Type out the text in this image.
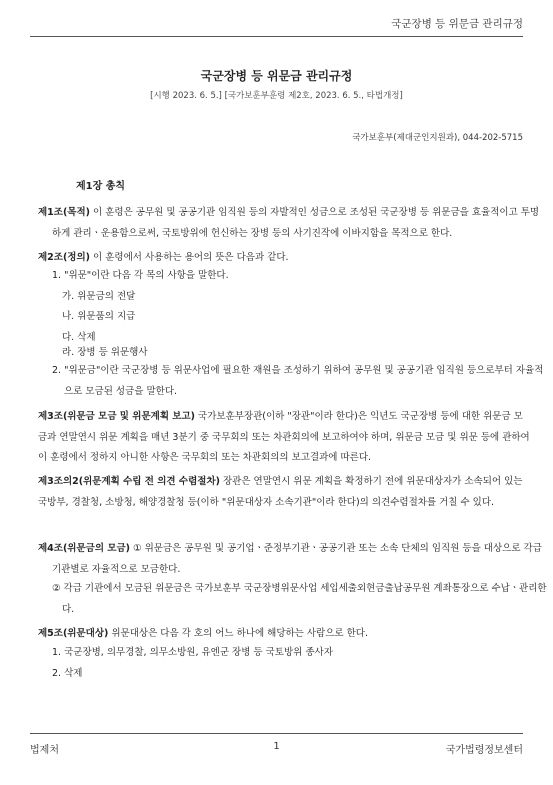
국군장병 등 위문금 관리규정
국군장병 등 위문금 관리규정
[시행 2023. 6. 5.] [국가보훈부훈령 제2호, 2023. 6. 5., 타법개정]
국가보훈부(제대군인지원과), 044-202-5715
제1장 총칙
제1조(목적) 이 훈령은 공무원 및 공공기관 임직원 등의 자발적인 성금으로 조성된 국군장병 등 위문금을 효율적이고 투명하게 관리ㆍ운용함으로써, 국토방위에 헌신하는 장병 등의 사기진작에 이바지함을 목적으로 한다.
제2조(정의) 이 훈령에서 사용하는 용어의 뜻은 다음과 같다.
1. "위문"이란 다음 각 목의 사항을 말한다.
가. 위문금의 전달
나. 위문품의 지급
다. 삭제
라. 장병 등 위문행사
2. "위문금"이란 국군장병 등 위문사업에 필요한 재원을 조성하기 위하여 공무원 및 공공기관 임직원 등으로부터 자율적으로 모금된 성금을 말한다.
제3조(위문금 모금 및 위문계획 보고) 국가보훈부장관(이하 "장관"이라 한다)은 익년도 국군장병 등에 대한 위문금 모금과 연말연시 위문 계획을 매년 3분기 중 국무회의 또는 차관회의에 보고하여야 하며, 위문금 모금 및 위문 등에 관하여 이 훈령에서 정하지 아니한 사항은 국무회의 또는 차관회의의 보고결과에 따른다.
제3조의2(위문계획 수립 전 의견 수렴절차) 장관은 연말연시 위문 계획을 확정하기 전에 위문대상자가 소속되어 있는 국방부, 경찰청, 소방청, 해양경찰청 등(이하 "위문대상자 소속기관"이라 한다)의 의견수렴절차를 거칠 수 있다.
제4조(위문금의 모금) ① 위문금은 공무원 및 공기업ㆍ준정부기관ㆍ공공기관 또는 소속 단체의 임직원 등을 대상으로 각급 기관별로 자율적으로 모금한다.
② 각급 기관에서 모금된 위문금은 국가보훈부 국군장병위문사업 세입세출외현금출납공무원 계좌통장으로 수납ㆍ관리한다.
제5조(위문대상) 위문대상은 다음 각 호의 어느 하나에 해당하는 사람으로 한다.
1. 국군장병, 의무경찰, 의무소방원, 유엔군 장병 등 국토방위 종사자
2. 삭제
법제처	1	국가법령정보센터
